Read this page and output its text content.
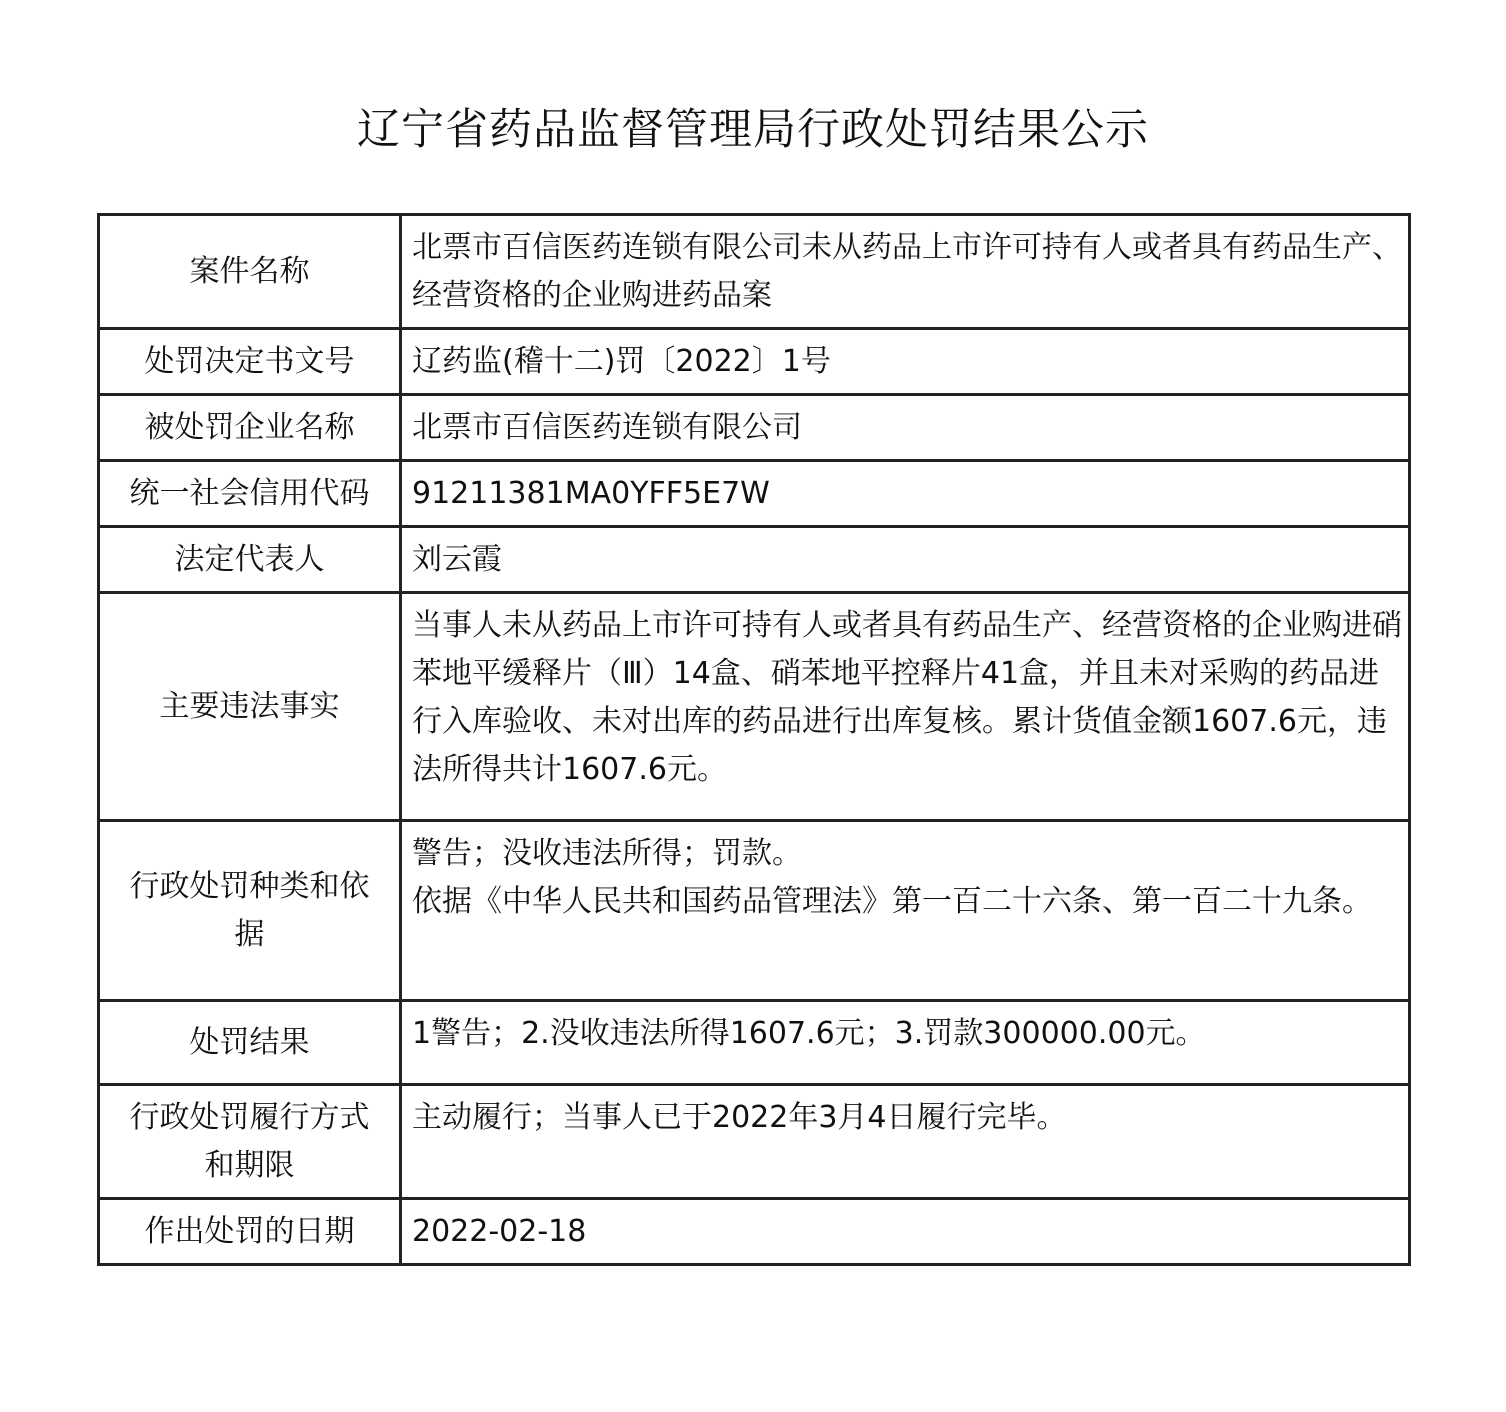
辽宁省药品监督管理局行政处罚结果公示
案件名称	北票市百信医药连锁有限公司未从药品上市许可持有人或者具有药品生产、经营资格的企业购进药品案
处罚决定书文号	辽药监(稽十二)罚〔2022〕1号
被处罚企业名称	北票市百信医药连锁有限公司
统一社会信用代码	91211381MA0YFF5E7W
法定代表人	刘云霞
主要违法事实	当事人未从药品上市许可持有人或者具有药品生产、经营资格的企业购进硝苯地平缓释片（Ⅲ）14盒、硝苯地平控释片41盒，并且未对采购的药品进行入库验收、未对出库的药品进行出库复核。累计货值金额1607.6元，违法所得共计1607.6元。
行政处罚种类和依据	警告；没收违法所得；罚款。
依据《中华人民共和国药品管理法》第一百二十六条、第一百二十九条。

处罚结果	1警告；2.没收违法所得1607.6元；3.罚款300000.00元。
行政处罚履行方式和期限	主动履行；当事人已于2022年3月4日履行完毕。
作出处罚的日期	2022-02-18
